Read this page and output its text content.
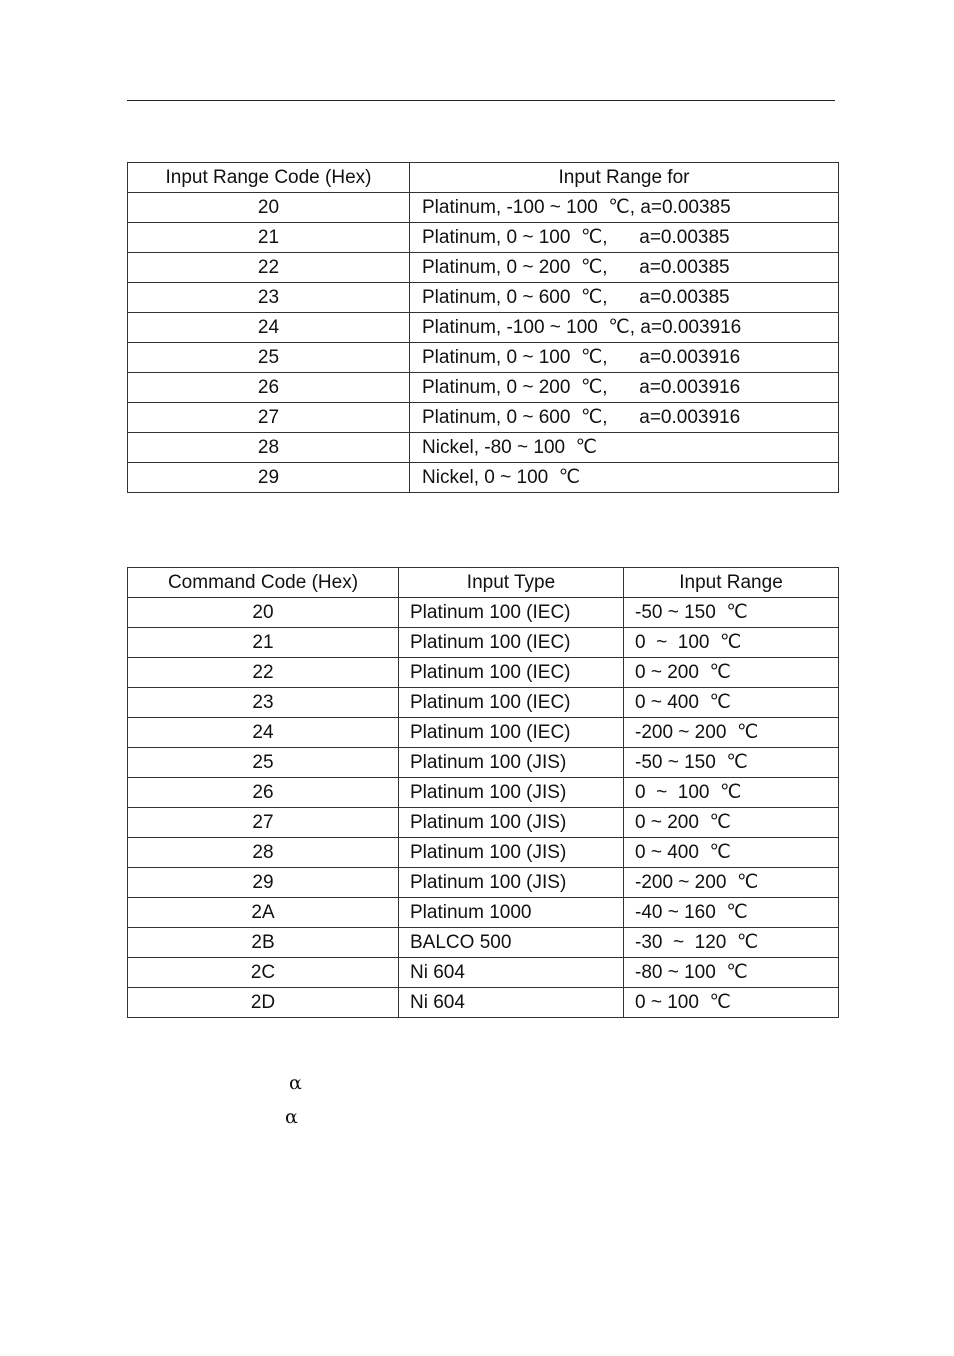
Input Range Code (Hex)	Input Range for
20	Platinum, -100 ~ 100  ℃, a=0.00385
21	Platinum, 0 ~ 100  ℃,      a=0.00385
22	Platinum, 0 ~ 200  ℃,      a=0.00385
23	Platinum, 0 ~ 600  ℃,      a=0.00385
24	Platinum, -100 ~ 100  ℃, a=0.003916
25	Platinum, 0 ~ 100  ℃,      a=0.003916
26	Platinum, 0 ~ 200  ℃,      a=0.003916
27	Platinum, 0 ~ 600  ℃,      a=0.003916
28	Nickel, -80 ~ 100  ℃
29	Nickel, 0 ~ 100  ℃
Command Code (Hex)	Input Type	Input Range
20	Platinum 100 (IEC)	-50 ~ 150  ℃
21	Platinum 100 (IEC)	0  ~  100  ℃
22	Platinum 100 (IEC)	0 ~ 200  ℃
23	Platinum 100 (IEC)	0 ~ 400  ℃
24	Platinum 100 (IEC)	-200 ~ 200  ℃
25	Platinum 100 (JIS)	-50 ~ 150  ℃
26	Platinum 100 (JIS)	0  ~  100  ℃
27	Platinum 100 (JIS)	0 ~ 200  ℃
28	Platinum 100 (JIS)	0 ~ 400  ℃
29	Platinum 100 (JIS)	-200 ~ 200  ℃
2A	Platinum 1000	-40 ~ 160  ℃
2B	BALCO 500	-30  ~  120  ℃
2C	Ni 604	-80 ~ 100  ℃
2D	Ni 604	0 ~ 100  ℃
α
α
